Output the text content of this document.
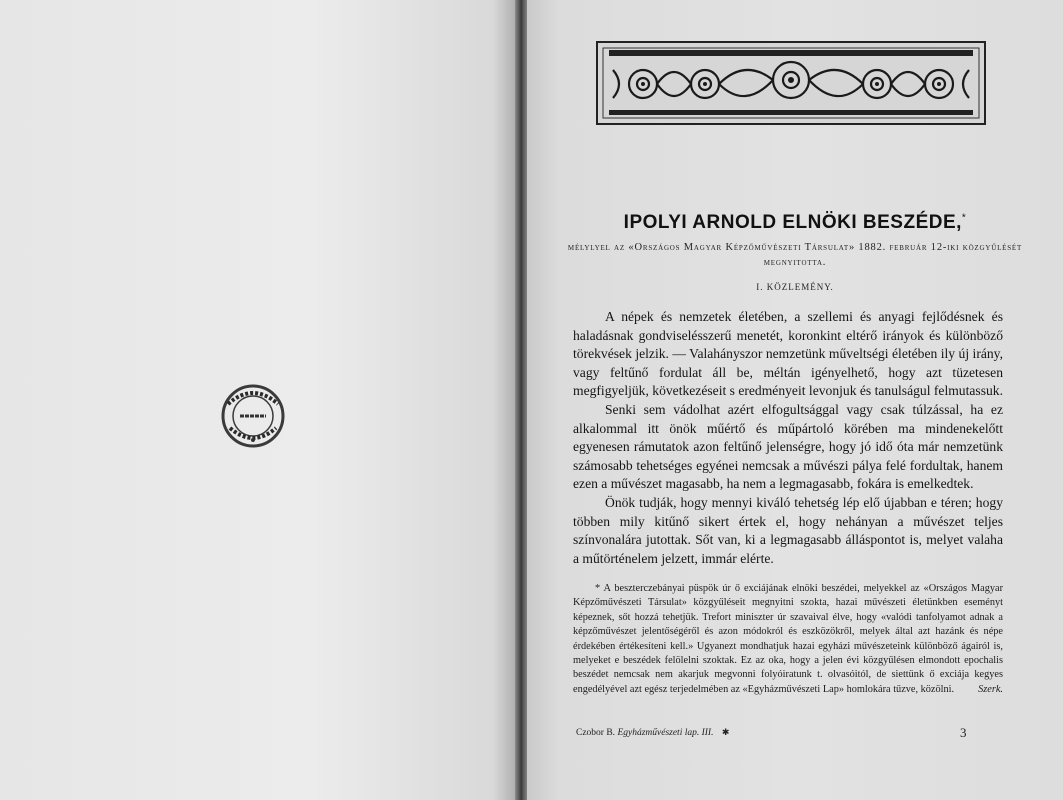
IPOLYI ARNOLD ELNÖKI BESZÉDE,*
mélylyel az «Országos Magyar Képzőművészeti Társulat» 1882. február 12-iki közgyűlését megnyitotta.
I. KÖZLEMÉNY.

A népek és nemzetek életében, a szellemi és anyagi fejlődésnek és haladásnak gondviselésszerű menetét, koronkint eltérő irányok és különböző törekvések jelzik. — Valahányszor nemzetünk műveltségi életében ily új irány, vagy feltűnő fordulat áll be, méltán igényelhető, hogy azt tüzetesen megfigyeljük, következéseit s eredményeit levonjuk és tanulságul felmutassuk.

Senki sem vádolhat azért elfogultsággal vagy csak túlzással, ha ez alkalommal itt önök műértő és műpártoló körében ma mindenekelőtt egyenesen rámutatok azon feltűnő jelenségre, hogy jó idő óta már nemzetünk számosabb tehetséges egyénei nemcsak a művészi pálya felé fordultak, hanem ezen a művészet magasabb, ha nem a legmagasabb, fokára is emelkedtek.

Önök tudják, hogy mennyi kiváló tehetség lép elő újabban e téren; hogy többen mily kitűnő sikert értek el, hogy nehányan a művészet teljes színvonalára jutottak. Sőt van, ki a legmagasabb álláspontot is, melyet valaha a műtörténelem jelzett, immár elérte.

* A beszterczebányai püspök úr ő exciájának elnöki beszédei, melyekkel az «Országos Magyar Képzőművészeti Társulat» közgyűléseit megnyitni szokta, hazai művészeti életünkben eseményt képeznek, sőt hozzá tehetjük. Trefort miniszter úr szavaival élve, hogy «valódi tanfolyamot adnak a képzőművészet jelentőségéről és azon módokról és eszközökről, melyek által azt hazánk és népe érdekében értékesíteni kell.» Ugyanezt mondhatjuk hazai egyházi művészeteink különböző ágairól is, melyeket e beszédek felölelni szoktak. Ez az oka, hogy a jelen évi közgyűlésen elmondott epochalis beszédet nemcsak nem akarjuk megvonni folyóiratunk t. olvasóitól, de siettünk ő exciája kegyes engedélyével azt egész terjedelmében az «Egyházművészeti Lap» homlokára tűzve, közölni.	Szerk.
Czobor B. Egyházművészeti lap. III. ✱	3
